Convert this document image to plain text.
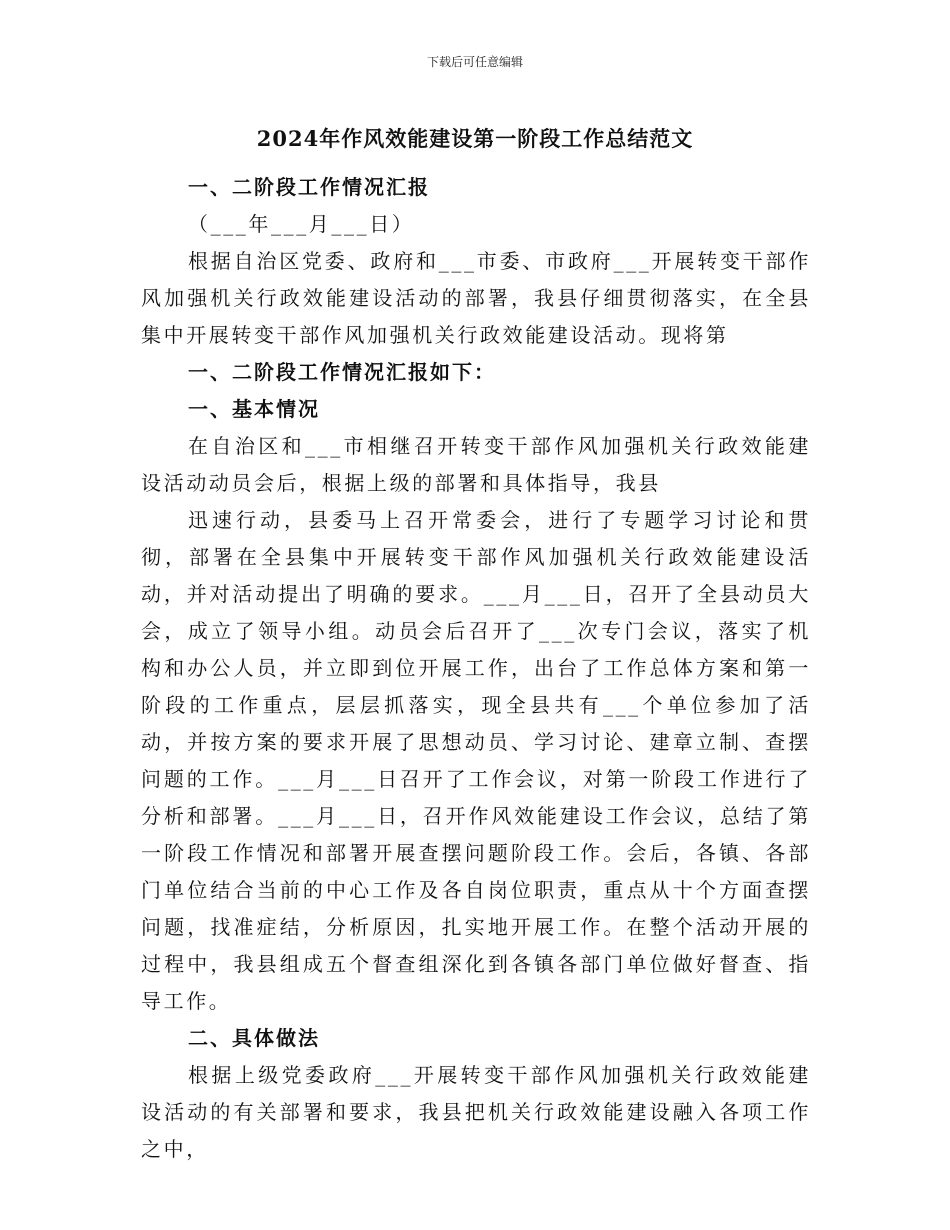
下载后可任意编辑
2024年作风效能建设第一阶段工作总结范文

一、二阶段工作情况汇报

（___年___月___日）

根据自治区党委、政府和___市委、市政府___开展转变干部作风加强机关行政效能建设活动的部署，我县仔细贯彻落实，在全县集中开展转变干部作风加强机关行政效能建设活动。现将第

一、二阶段工作情况汇报如下：

一、基本情况

在自治区和___市相继召开转变干部作风加强机关行政效能建设活动动员会后，根据上级的部署和具体指导，我县

迅速行动，县委马上召开常委会，进行了专题学习讨论和贯彻，部署在全县集中开展转变干部作风加强机关行政效能建设活动，并对活动提出了明确的要求。___月___日，召开了全县动员大会，成立了领导小组。动员会后召开了___次专门会议，落实了机构和办公人员，并立即到位开展工作，出台了工作总体方案和第一阶段的工作重点，层层抓落实，现全县共有___个单位参加了活动，并按方案的要求开展了思想动员、学习讨论、建章立制、查摆问题的工作。___月___日召开了工作会议，对第一阶段工作进行了分析和部署。___月___日，召开作风效能建设工作会议，总结了第一阶段工作情况和部署开展查摆问题阶段工作。会后，各镇、各部门单位结合当前的中心工作及各自岗位职责，重点从十个方面查摆问题，找准症结，分析原因，扎实地开展工作。在整个活动开展的过程中，我县组成五个督查组深化到各镇各部门单位做好督查、指导工作。

二、具体做法

根据上级党委政府___开展转变干部作风加强机关行政效能建设活动的有关部署和要求，我县把机关行政效能建设融入各项工作之中，
